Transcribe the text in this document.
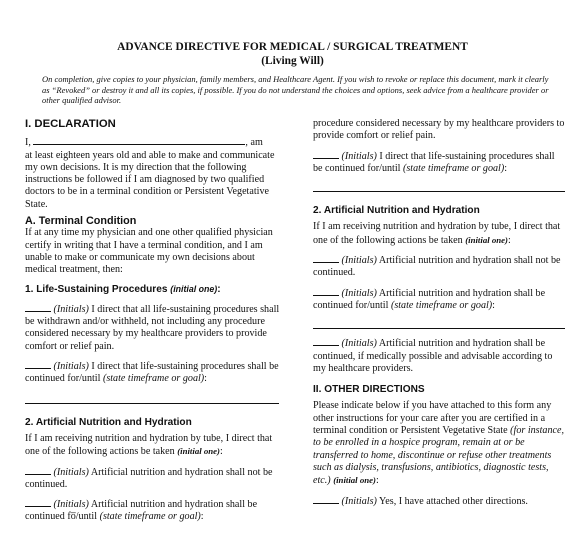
ADVANCE DIRECTIVE FOR MEDICAL / SURGICAL TREATMENT
(Living Will)
On completion, give copies to your physician, family members, and Healthcare Agent. If you wish to revoke or replace this document, mark it clearly as “Revoked” or destroy it and all its copies, if possible. If you do not understand the choices and options, seek advice from a healthcare provider or other qualified advisor.

I. DECLARATION

I,	, am

at least eighteen years old and able to make and communicate my own decisions. It is my direction that the following instructions be followed if I am diagnosed by two qualified doctors to be in a terminal condition or Persistent Vegetative State.

A. Terminal Condition

If at any time my physician and one other qualified physician certify in writing that I have a terminal condition, and I am unable to make or communicate my own decisions about medical treatment, then:

1. Life-Sustaining Procedures (initial one):

(Initials) I direct that all life-sustaining procedures shall be withdrawn and/or withheld, not including any procedure considered necessary by my healthcare providers to provide comfort or relief pain.

(Initials) I direct that life-sustaining procedures shall be continued for/until (state timeframe or goal):

2. Artificial Nutrition and Hydration

If I am receiving nutrition and hydration by tube, I direct that one of the following actions be taken (initial one):

(Initials) Artificial nutrition and hydration shall not be continued.

(Initials) Artificial nutrition and hydration shall be continued fo̅/until (state timeframe or goal):

procedure considered necessary by my healthcare providers to provide comfort or relief pain.

(Initials) I direct that life-sustaining procedures shall be continued for/until (state timeframe or goal):

2. Artificial Nutrition and Hydration

If I am receiving nutrition and hydration by tube, I direct that one of the following actions be taken (initial one):

(Initials) Artificial nutrition and hydration shall not be continued.

(Initials) Artificial nutrition and hydration shall be continued for/until (state timeframe or goal):

(Initials) Artificial nutrition and hydration shall be continued, if medically possible and advisable according to my healthcare providers.

II. OTHER DIRECTIONS

Please indicate below if you have attached to this form any other instructions for your care after you are certified in a terminal condition or Persistent Vegetative State (for instance, to be enrolled in a hospice program, remain at or be transferred to home, discontinue or refuse other treatments such as dialysis, transfusions, antibiotics, diagnostic tests, etc.) (initial one):

(Initials) Yes, I have attached other directions.
